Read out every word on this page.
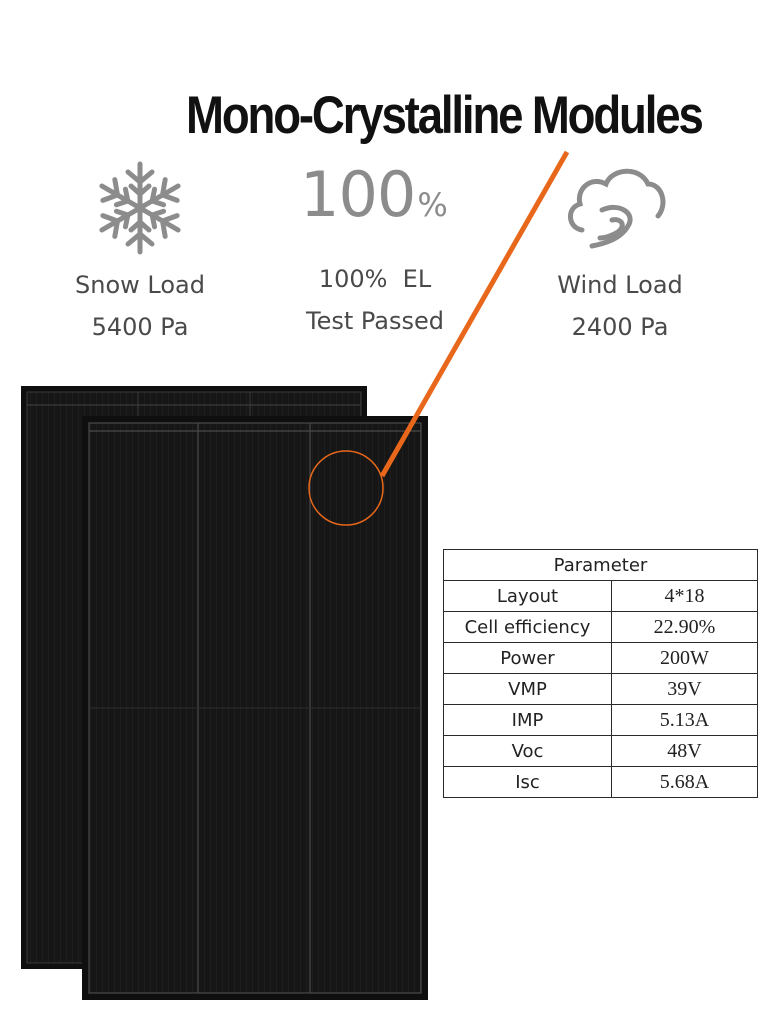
Mono-Crystalline Modules
Snow Load
5400 Pa
100%
100%  EL
Test Passed
Wind Load
2400 Pa
Parameter	
Layout	4*18
Cell efficiency	22.90%
Power	200W
VMP	39V
IMP	5.13A
Voc	48V
Isc	5.68A
